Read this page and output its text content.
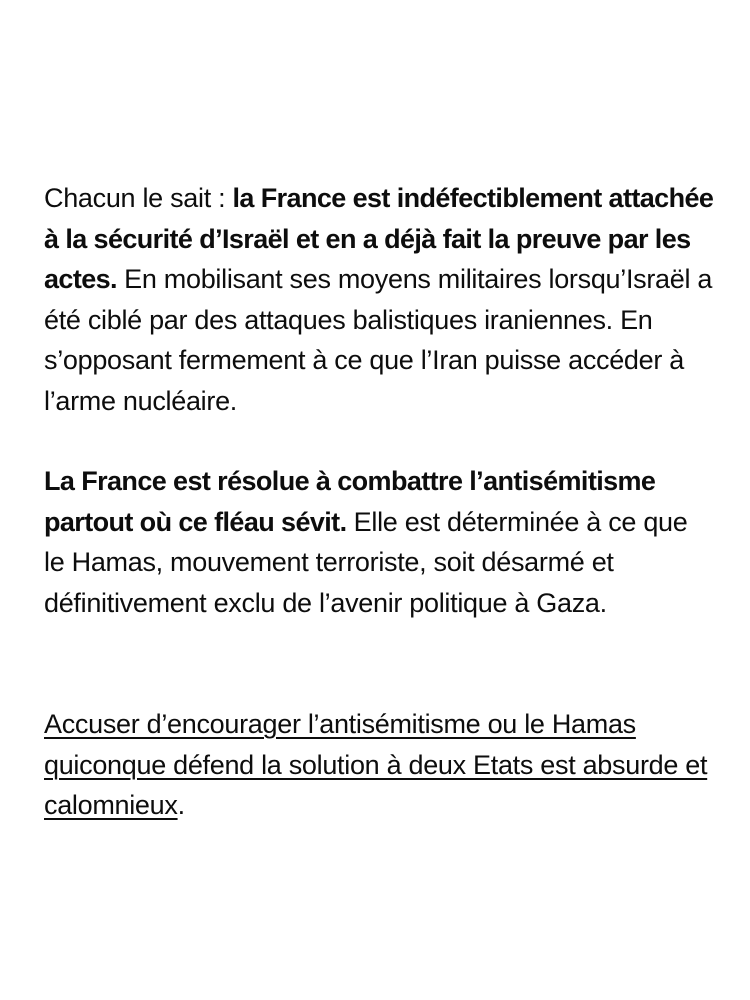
Chacun le sait : la France est indéfectiblement attachée à la sécurité d’Israël et en a déjà fait la preuve par les actes. En mobilisant ses moyens militaires lorsqu’Israël a été ciblé par des attaques balistiques iraniennes. En s’opposant fermement à ce que l’Iran puisse accéder à l’arme nucléaire.

La France est résolue à combattre l’antisémitisme partout où ce fléau sévit. Elle est déterminée à ce que le Hamas, mouvement terroriste, soit désarmé et définitivement exclu de l’avenir politique à Gaza.

Accuser d’encourager l’antisémitisme ou le Hamas quiconque défend la solution à deux Etats est absurde et calomnieux.
